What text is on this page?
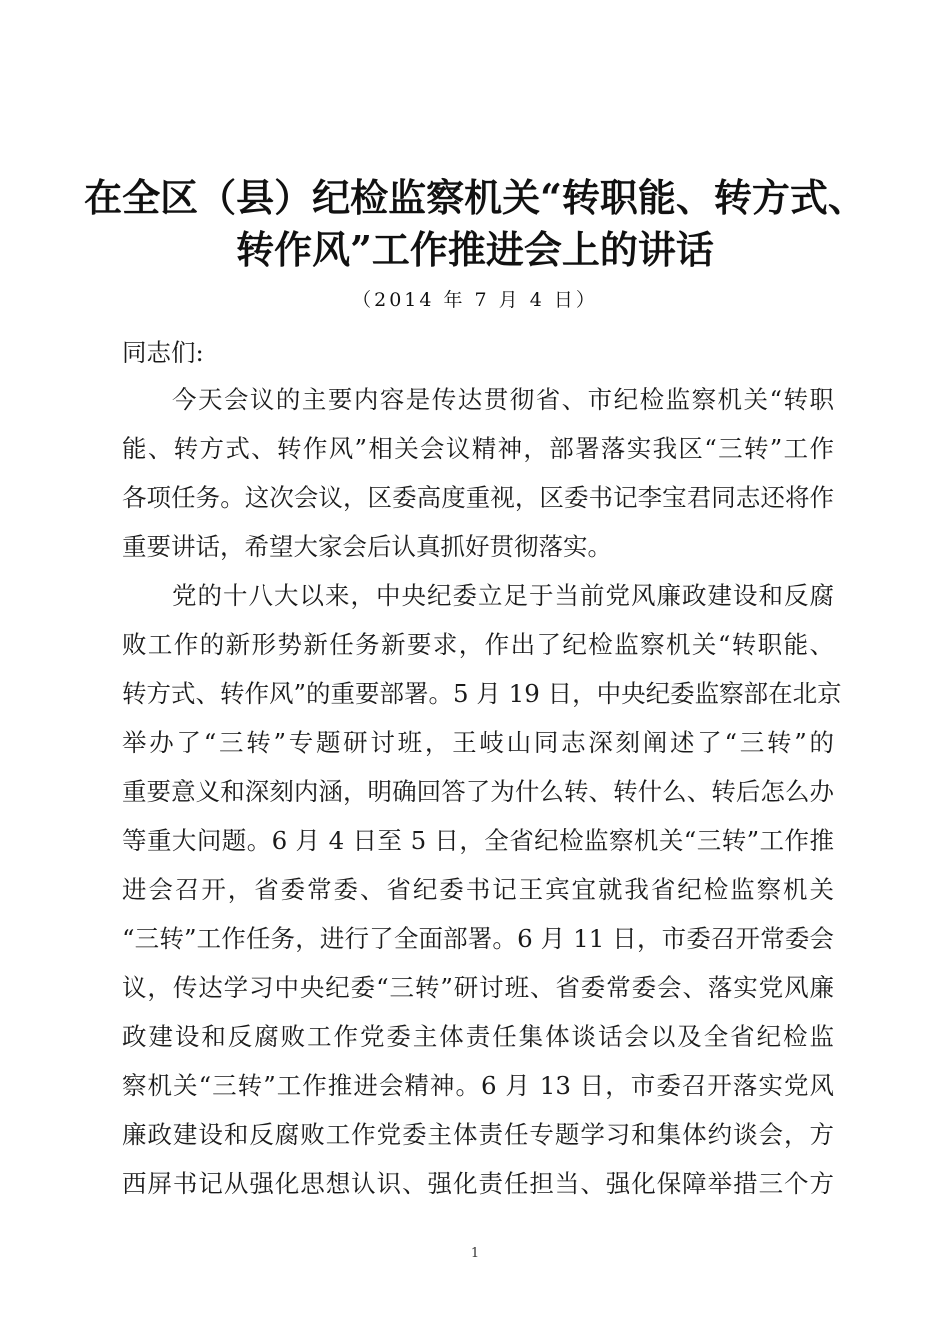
在全区（县）纪检监察机关“转职能、转方式、
转作风”工作推进会上的讲话
（2014 年 7 月 4 日）
同志们:
今天会议的主要内容是传达贯彻省、市纪检监察机关“转职
能、转方式、转作风”相关会议精神，部署落实我区“三转”工作
各项任务。这次会议，区委高度重视，区委书记李宝君同志还将作
重要讲话，希望大家会后认真抓好贯彻落实。
党的十八大以来，中央纪委立足于当前党风廉政建设和反腐
败工作的新形势新任务新要求，作出了纪检监察机关“转职能、
转方式、转作风”的重要部署。5 月 19 日，中央纪委监察部在北京
举办了“三转”专题研讨班，王岐山同志深刻阐述了“三转”的
重要意义和深刻内涵，明确回答了为什么转、转什么、转后怎么办
等重大问题。6 月 4 日至 5 日，全省纪检监察机关“三转”工作推
进会召开，省委常委、省纪委书记王宾宜就我省纪检监察机关
“三转”工作任务，进行了全面部署。6 月 11 日，市委召开常委会
议，传达学习中央纪委“三转”研讨班、省委常委会、落实党风廉
政建设和反腐败工作党委主体责任集体谈话会以及全省纪检监
察机关“三转”工作推进会精神。6 月 13 日，市委召开落实党风
廉政建设和反腐败工作党委主体责任专题学习和集体约谈会，方
西屏书记从强化思想认识、强化责任担当、强化保障举措三个方
1
